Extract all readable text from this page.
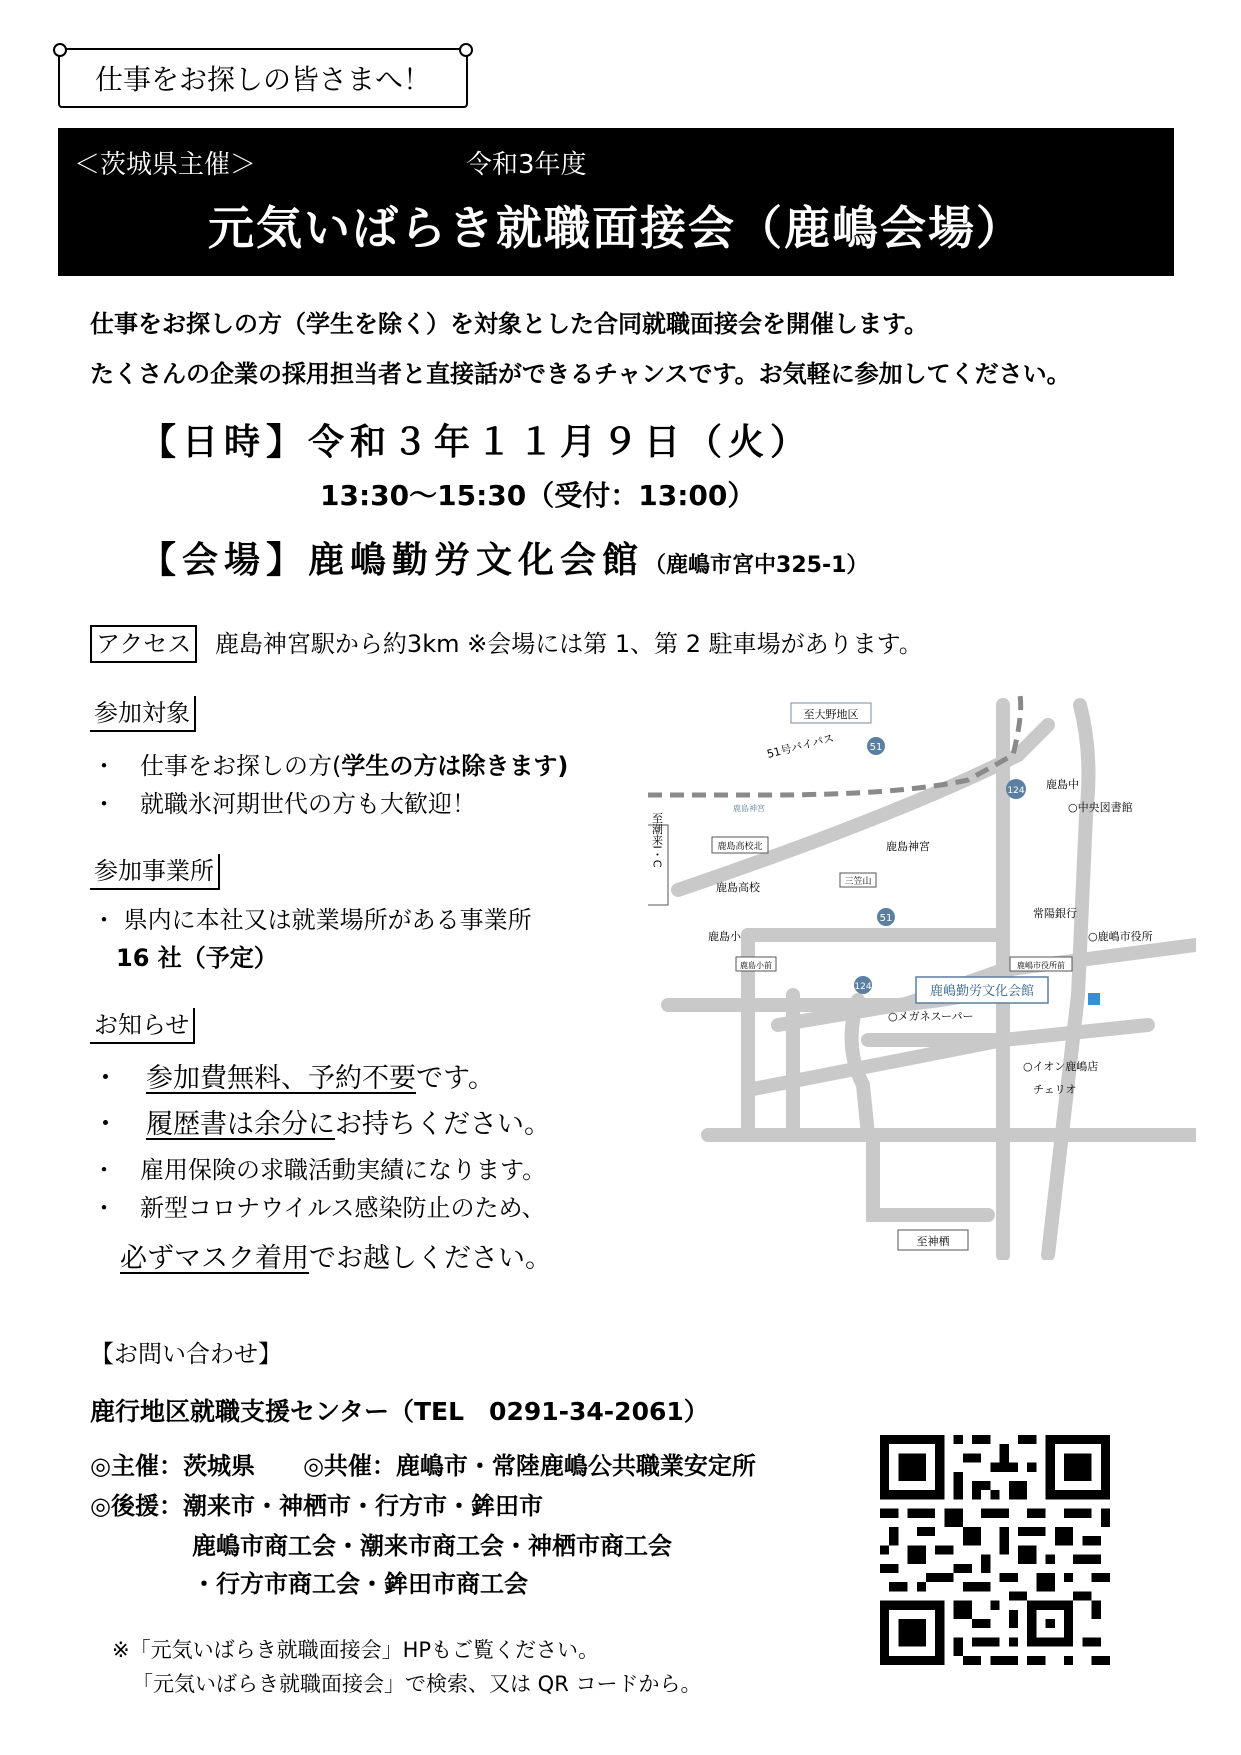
仕事をお探しの皆さまへ！
＜茨城県主催＞	令和3年度
元気いばらき就職面接会（鹿嶋会場）
仕事をお探しの方（学生を除く）を対象とした合同就職面接会を開催します。
たくさんの企業の採用担当者と直接話ができるチャンスです。お気軽に参加してください。
【日時】令和３年１１月９日（火）
13:30～15:30（受付：13:00）
【会場】鹿嶋勤労文化会館（鹿嶋市宮中325-1）
アクセス 鹿島神宮駅から約3km ※会場には第 1、第 2 駐車場があります。
参加対象
・　仕事をお探しの方(学生の方は除きます)
・　就職氷河期世代の方も大歓迎！
参加事業所
・ 県内に本社又は就業場所がある事業所
16 社（予定）
お知らせ
・　参加費無料、予約不要です。
・　履歴書は余分にお持ちください。
・　雇用保険の求職活動実績になります。
・　新型コロナウイルス感染防止のため、
必ずマスク着用でお越しください。
至大野地区
51号バイパス	51
124 鹿島中
○中央図書館
鹿島神宮
鹿島高校北	鹿島神宮
至潮来I・C
鹿島高校	三笠山
51	常陽銀行
○鹿嶋市役所
鹿島小
鹿島小前	鹿嶋市役所前
124	鹿嶋勤労文化会館
○メガネスーパー
○イオン鹿嶋店
チェリオ
至神栖
【お問い合わせ】
鹿行地区就職支援センター（TEL　0291-34-2061）
◎主催：茨城県　　◎共催：鹿嶋市・常陸鹿嶋公共職業安定所
◎後援：潮来市・神栖市・行方市・鉾田市
鹿嶋市商工会・潮来市商工会・神栖市商工会
・行方市商工会・鉾田市商工会
※「元気いばらき就職面接会」HPもご覧ください。
「元気いばらき就職面接会」で検索、又は QR コードから。
